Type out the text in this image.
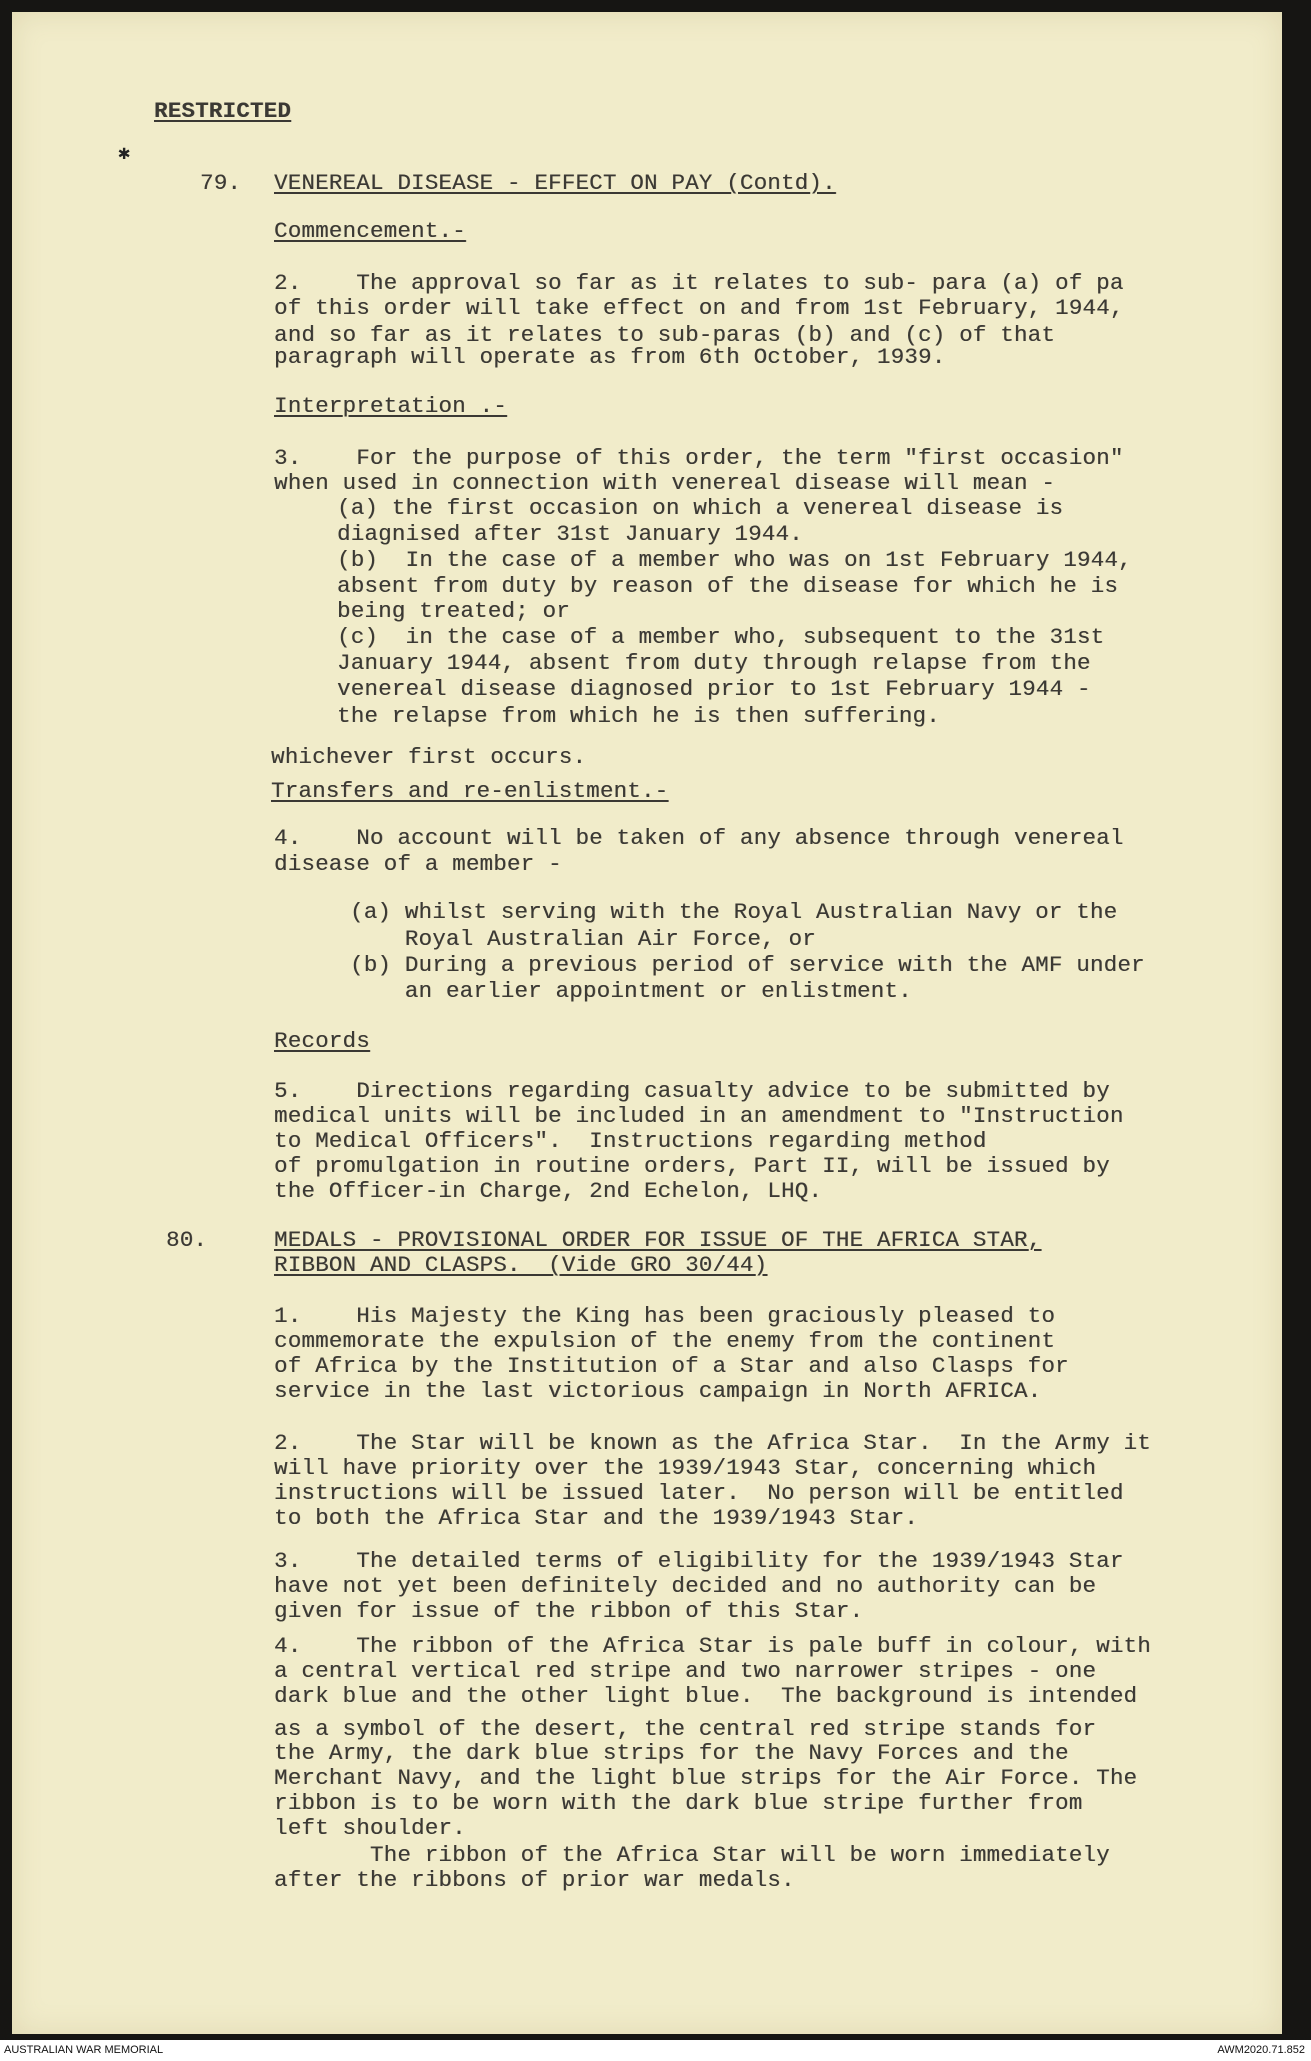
✱
RESTRICTED
79. VENEREAL DISEASE - EFFECT ON PAY (Contd).
Commencement.-
2.    The approval so far as it relates to sub- para (a) of pa
of this order will take effect on and from 1st February, 1944,
and so far as it relates to sub-paras (b) and (c) of that
paragraph will operate as from 6th October, 1939.
Interpretation .-
3.    For the purpose of this order, the term "first occasion"
when used in connection with venereal disease will mean -
(a) the first occasion on which a venereal disease is
diagnised after 31st January 1944.
(b)  In the case of a member who was on 1st February 1944,
absent from duty by reason of the disease for which he is
being treated; or
(c)  in the case of a member who, subsequent to the 31st
January 1944, absent from duty through relapse from the
venereal disease diagnosed prior to 1st February 1944 -
the relapse from which he is then suffering.
whichever first occurs.
Transfers and re-enlistment.-
4.    No account will be taken of any absence through venereal
disease of a member -
(a) whilst serving with the Royal Australian Navy or the
Royal Australian Air Force, or
(b) During a previous period of service with the AMF under
an earlier appointment or enlistment.
Records
5.    Directions regarding casualty advice to be submitted by
medical units will be included in an amendment to "Instruction
to Medical Officers".  Instructions regarding method
of promulgation in routine orders, Part II, will be issued by
the Officer-in Charge, 2nd Echelon, LHQ.
80.	MEDALS - PROVISIONAL ORDER FOR ISSUE OF THE AFRICA STAR,
RIBBON AND CLASPS.  (Vide GRO 30/44)
1.    His Majesty the King has been graciously pleased to
commemorate the expulsion of the enemy from the continent
of Africa by the Institution of a Star and also Clasps for
service in the last victorious campaign in North AFRICA.
2.    The Star will be known as the Africa Star.  In the Army it
will have priority over the 1939/1943 Star, concerning which
instructions will be issued later.  No person will be entitled
to both the Africa Star and the 1939/1943 Star.
3.    The detailed terms of eligibility for the 1939/1943 Star
have not yet been definitely decided and no authority can be
given for issue of the ribbon of this Star.
4.    The ribbon of the Africa Star is pale buff in colour, with
a central vertical red stripe and two narrower stripes - one
dark blue and the other light blue.  The background is intended
as a symbol of the desert, the central red stripe stands for
the Army, the dark blue strips for the Navy Forces and the
Merchant Navy, and the light blue strips for the Air Force. The
ribbon is to be worn with the dark blue stripe further from
left shoulder.
The ribbon of the Africa Star will be worn immediately
after the ribbons of prior war medals.
AUSTRALIAN WAR MEMORIAL	AWM2020.71.852
